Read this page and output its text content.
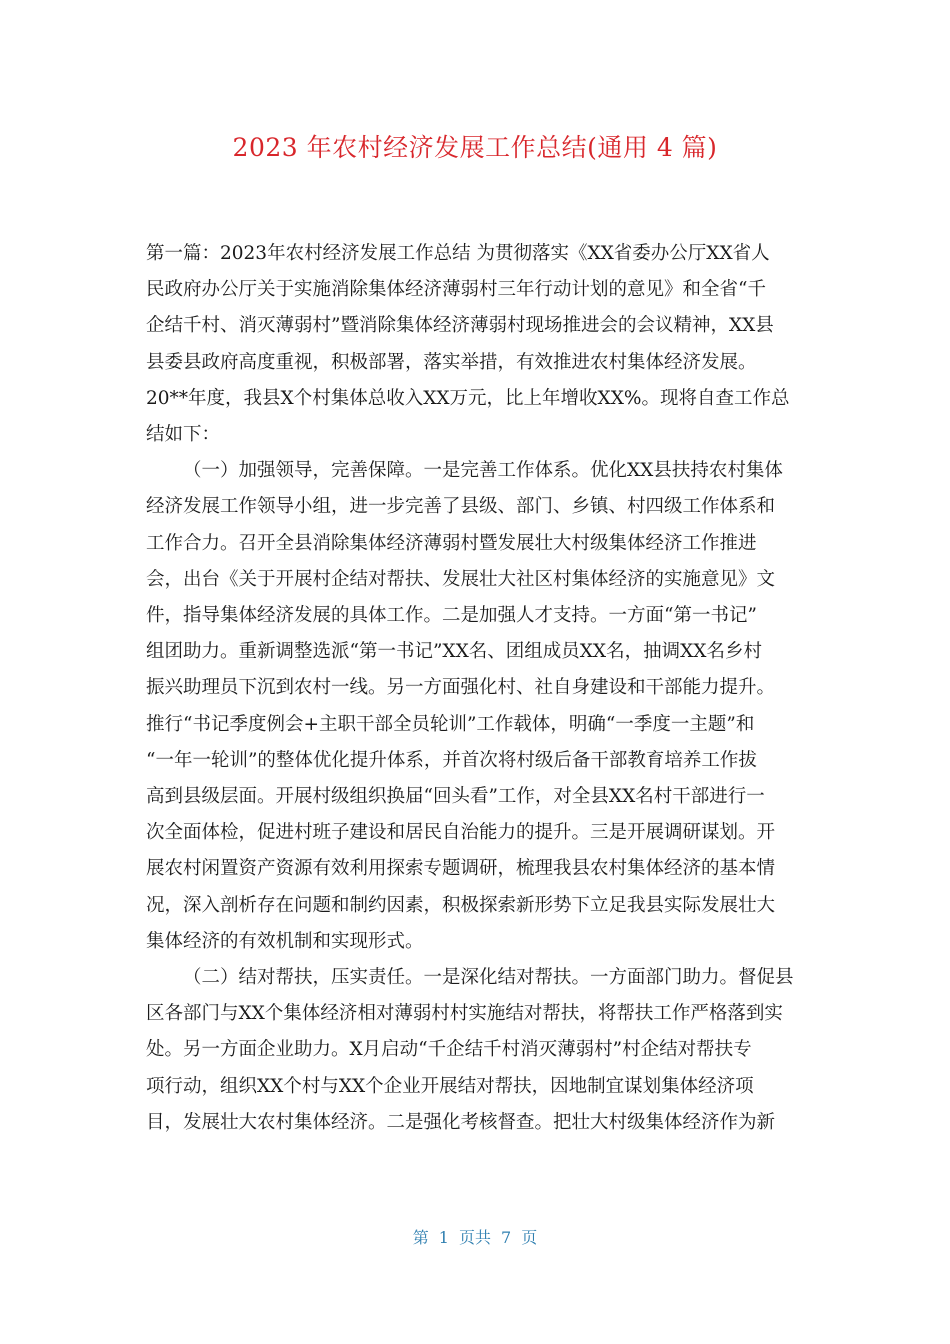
2023 年农村经济发展工作总结(通用 4 篇)
第一篇：2023年农村经济发展工作总结 为贯彻落实《XX省委办公厅XX省人
民政府办公厅关于实施消除集体经济薄弱村三年行动计划的意见》和全省“千
企结千村、消灭薄弱村”暨消除集体经济薄弱村现场推进会的会议精神，XX县
县委县政府高度重视，积极部署，落实举措，有效推进农村集体经济发展。
20**年度，我县X个村集体总收入XX万元，比上年增收XX%。现将自查工作总
结如下：
（一）加强领导，完善保障。一是完善工作体系。优化XX县扶持农村集体
经济发展工作领导小组，进一步完善了县级、部门、乡镇、村四级工作体系和
工作合力。召开全县消除集体经济薄弱村暨发展壮大村级集体经济工作推进
会，出台《关于开展村企结对帮扶、发展壮大社区村集体经济的实施意见》文
件，指导集体经济发展的具体工作。二是加强人才支持。一方面“第一书记”
组团助力。重新调整选派“第一书记”XX名、团组成员XX名，抽调XX名乡村
振兴助理员下沉到农村一线。另一方面强化村、社自身建设和干部能力提升。
推行“书记季度例会+主职干部全员轮训”工作载体，明确“一季度一主题”和
“一年一轮训”的整体优化提升体系，并首次将村级后备干部教育培养工作拔
高到县级层面。开展村级组织换届“回头看”工作，对全县XX名村干部进行一
次全面体检，促进村班子建设和居民自治能力的提升。三是开展调研谋划。开
展农村闲置资产资源有效利用探索专题调研，梳理我县农村集体经济的基本情
况，深入剖析存在问题和制约因素，积极探索新形势下立足我县实际发展壮大
集体经济的有效机制和实现形式。
（二）结对帮扶，压实责任。一是深化结对帮扶。一方面部门助力。督促县
区各部门与XX个集体经济相对薄弱村村实施结对帮扶，将帮扶工作严格落到实
处。另一方面企业助力。X月启动“千企结千村消灭薄弱村”村企结对帮扶专
项行动，组织XX个村与XX个企业开展结对帮扶，因地制宜谋划集体经济项
目，发展壮大农村集体经济。二是强化考核督查。把壮大村级集体经济作为新
第 1 页共 7 页
